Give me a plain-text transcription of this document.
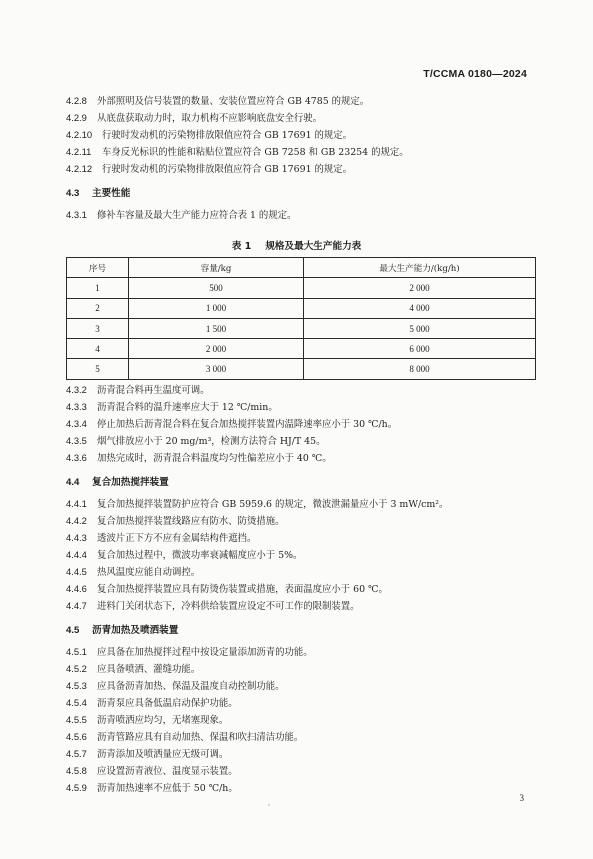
T/CCMA 0180—2024
4.2.8 外部照明及信号装置的数量、安装位置应符合 GB 4785 的规定。
4.2.9 从底盘获取动力时，取力机构不应影响底盘安全行驶。
4.2.10 行驶时发动机的污染物排放限值应符合 GB 17691 的规定。
4.2.11 车身反光标识的性能和粘贴位置应符合 GB 7258 和 GB 23254 的规定。
4.2.12 行驶时发动机的污染物排放限值应符合 GB 17691 的规定。
4.3 主要性能
4.3.1 修补车容量及最大生产能力应符合表 1 的规定。
表 1 规格及最大生产能力表
序号	容量/kg	最大生产能力/(kg/h)
1	500	2 000
2	1 000	4 000
3	1 500	5 000
4	2 000	6 000
5	3 000	8 000
4.3.2 沥青混合料再生温度可调。
4.3.3 沥青混合料的温升速率应大于 12 ℃/min。
4.3.4 停止加热后沥青混合料在复合加热搅拌装置内温降速率应小于 30 ℃/h。
4.3.5 烟气排放应小于 20 mg/m³，检测方法符合 HJ/T 45。
4.3.6 加热完成时，沥青混合料温度均匀性偏差应小于 40 ℃。
4.4 复合加热搅拌装置
4.4.1 复合加热搅拌装置防护应符合 GB 5959.6 的规定，微波泄漏量应小于 3 mW/cm²。
4.4.2 复合加热搅拌装置线路应有防水、防烫措施。
4.4.3 透波片正下方不应有金属结构件遮挡。
4.4.4 复合加热过程中，微波功率衰减幅度应小于 5%。
4.4.5 热风温度应能自动调控。
4.4.6 复合加热搅拌装置应具有防烫伤装置或措施，表面温度应小于 60 ℃。
4.4.7 进料门关闭状态下，冷料供给装置应设定不可工作的限制装置。
4.5 沥青加热及喷洒装置
4.5.1 应具备在加热搅拌过程中按设定量添加沥青的功能。
4.5.2 应具备喷洒、灌缝功能。
4.5.3 应具备沥青加热、保温及温度自动控制功能。
4.5.4 沥青泵应具备低温启动保护功能。
4.5.5 沥青喷洒应均匀，无堵塞现象。
4.5.6 沥青管路应具有自动加热、保温和吹扫清洁功能。
4.5.7 沥青添加及喷洒量应无级可调。
4.5.8 应设置沥青液位、温度显示装置。
4.5.9 沥青加热速率不应低于 50 ℃/h。
3
